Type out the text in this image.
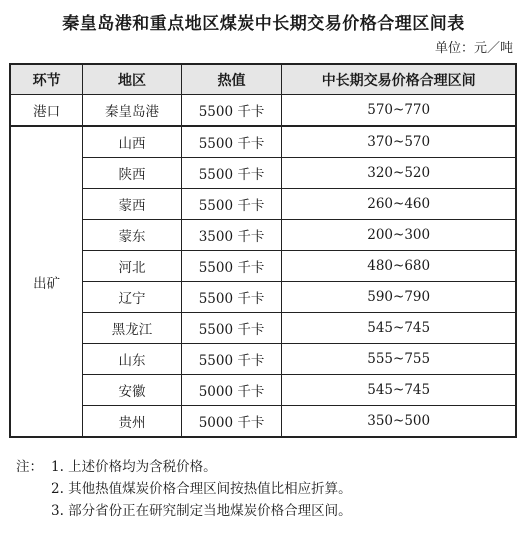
秦皇岛港和重点地区煤炭中长期交易价格合理区间表
单位：元／吨
环节	地区	热值	中长期交易价格合理区间
港口	秦皇岛港	5500 千卡	570~770
出矿	山西	5500 千卡	370~570
	陕西	5500 千卡	320~520
	蒙西	5500 千卡	260~460
	蒙东	3500 千卡	200~300
	河北	5500 千卡	480~680
	辽宁	5500 千卡	590~790
	黑龙江	5500 千卡	545~745
	山东	5500 千卡	555~755
	安徽	5000 千卡	545~745
	贵州	5000 千卡	350~500
注： 1. 上述价格均为含税价格。
2. 其他热值煤炭价格合理区间按热值比相应折算。
3. 部分省份正在研究制定当地煤炭价格合理区间。
